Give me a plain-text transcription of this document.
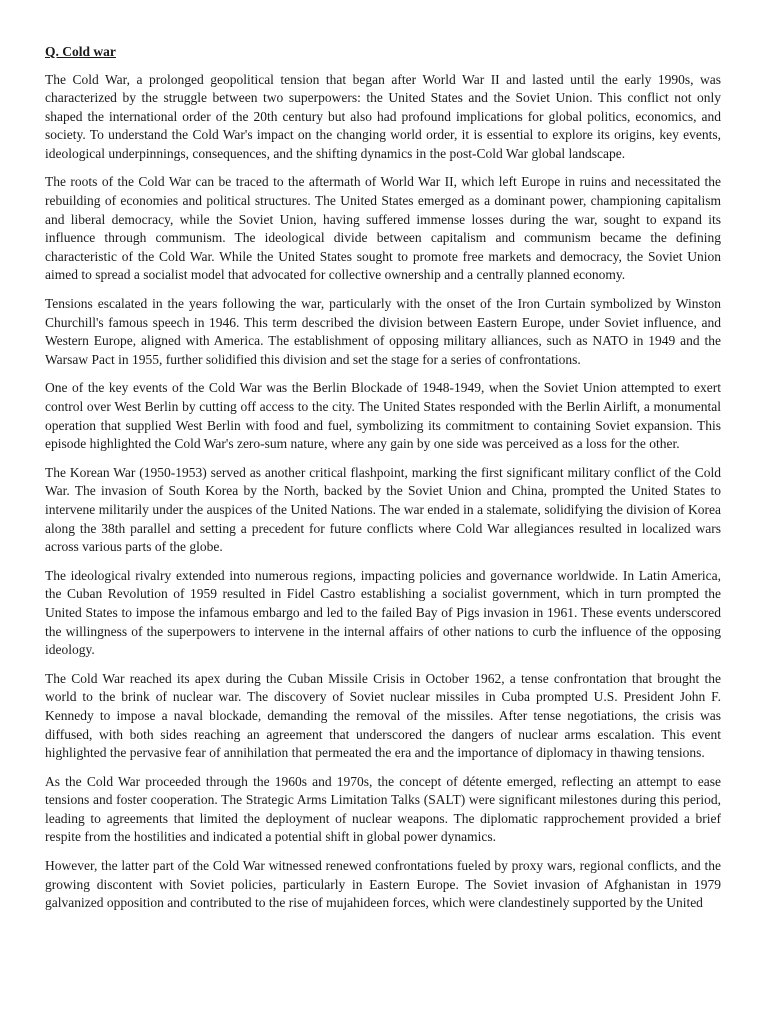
Q. Cold war

The Cold War, a prolonged geopolitical tension that began after World War II and lasted until the early 1990s, was characterized by the struggle between two superpowers: the United States and the Soviet Union. This conflict not only shaped the international order of the 20th century but also had profound implications for global politics, economics, and society. To understand the Cold War's impact on the changing world order, it is essential to explore its origins, key events, ideological underpinnings, consequences, and the shifting dynamics in the post-Cold War global landscape.

The roots of the Cold War can be traced to the aftermath of World War II, which left Europe in ruins and necessitated the rebuilding of economies and political structures. The United States emerged as a dominant power, championing capitalism and liberal democracy, while the Soviet Union, having suffered immense losses during the war, sought to expand its influence through communism. The ideological divide between capitalism and communism became the defining characteristic of the Cold War. While the United States sought to promote free markets and democracy, the Soviet Union aimed to spread a socialist model that advocated for collective ownership and a centrally planned economy.

Tensions escalated in the years following the war, particularly with the onset of the Iron Curtain symbolized by Winston Churchill's famous speech in 1946. This term described the division between Eastern Europe, under Soviet influence, and Western Europe, aligned with America. The establishment of opposing military alliances, such as NATO in 1949 and the Warsaw Pact in 1955, further solidified this division and set the stage for a series of confrontations.

One of the key events of the Cold War was the Berlin Blockade of 1948-1949, when the Soviet Union attempted to exert control over West Berlin by cutting off access to the city. The United States responded with the Berlin Airlift, a monumental operation that supplied West Berlin with food and fuel, symbolizing its commitment to containing Soviet expansion. This episode highlighted the Cold War's zero-sum nature, where any gain by one side was perceived as a loss for the other.

The Korean War (1950-1953) served as another critical flashpoint, marking the first significant military conflict of the Cold War. The invasion of South Korea by the North, backed by the Soviet Union and China, prompted the United States to intervene militarily under the auspices of the United Nations. The war ended in a stalemate, solidifying the division of Korea along the 38th parallel and setting a precedent for future conflicts where Cold War allegiances resulted in localized wars across various parts of the globe.

The ideological rivalry extended into numerous regions, impacting policies and governance worldwide. In Latin America, the Cuban Revolution of 1959 resulted in Fidel Castro establishing a socialist government, which in turn prompted the United States to impose the infamous embargo and led to the failed Bay of Pigs invasion in 1961. These events underscored the willingness of the superpowers to intervene in the internal affairs of other nations to curb the influence of the opposing ideology.

The Cold War reached its apex during the Cuban Missile Crisis in October 1962, a tense confrontation that brought the world to the brink of nuclear war. The discovery of Soviet nuclear missiles in Cuba prompted U.S. President John F. Kennedy to impose a naval blockade, demanding the removal of the missiles. After tense negotiations, the crisis was diffused, with both sides reaching an agreement that underscored the dangers of nuclear arms escalation. This event highlighted the pervasive fear of annihilation that permeated the era and the importance of diplomacy in thawing tensions.

As the Cold War proceeded through the 1960s and 1970s, the concept of détente emerged, reflecting an attempt to ease tensions and foster cooperation. The Strategic Arms Limitation Talks (SALT) were significant milestones during this period, leading to agreements that limited the deployment of nuclear weapons. The diplomatic rapprochement provided a brief respite from the hostilities and indicated a potential shift in global power dynamics.

However, the latter part of the Cold War witnessed renewed confrontations fueled by proxy wars, regional conflicts, and the growing discontent with Soviet policies, particularly in Eastern Europe. The Soviet invasion of Afghanistan in 1979 galvanized opposition and contributed to the rise of mujahideen forces, which were clandestinely supported by the United
